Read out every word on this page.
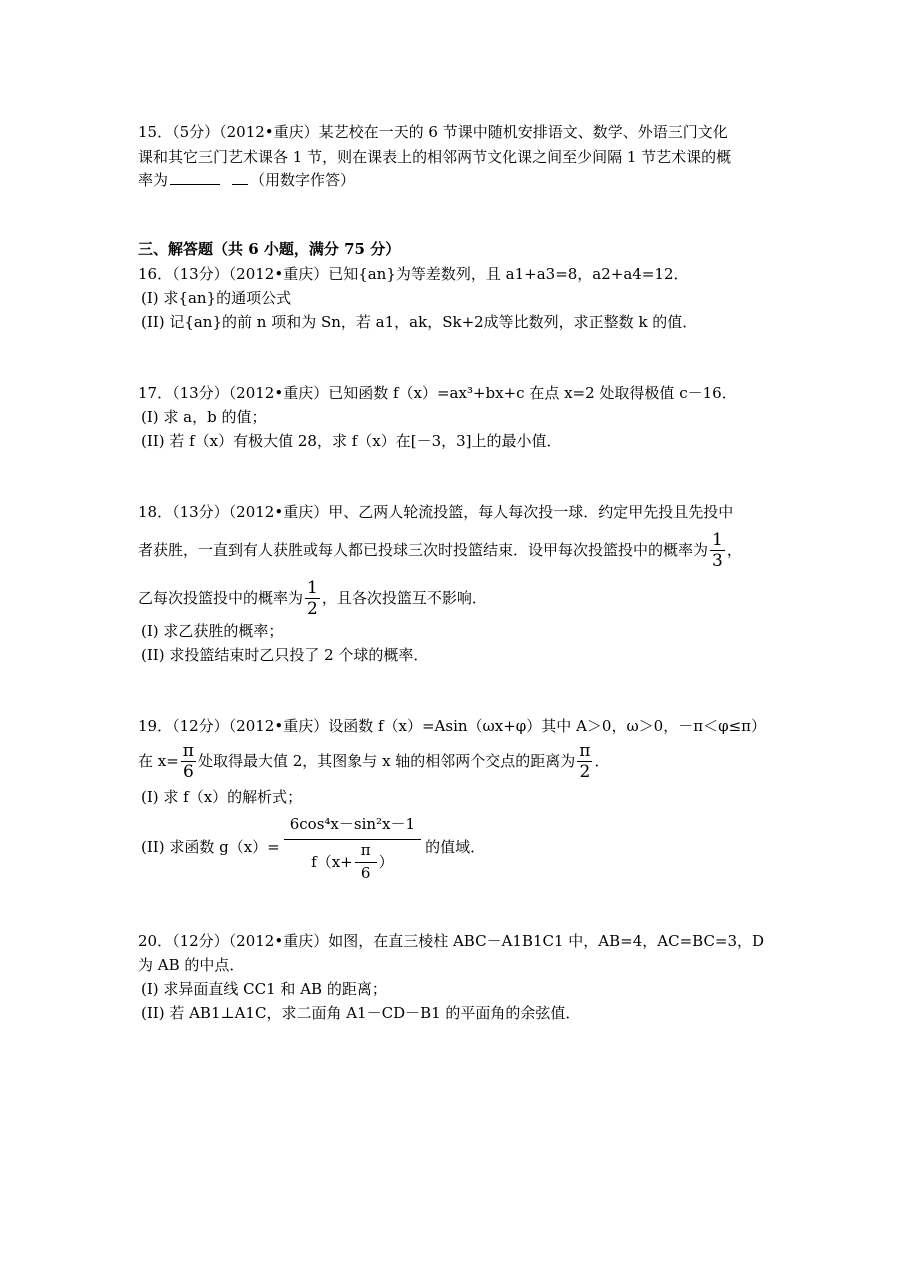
15．（5分）（2012•重庆）某艺校在一天的 6 节课中随机安排语文、数学、外语三门文化
课和其它三门艺术课各 1 节，则在课表上的相邻两节文化课之间至少间隔 1 节艺术课的概
率为	（用数字作答）
三、解答题（共 6 小题，满分 75 分）
16．（13分）（2012•重庆）已知{an}为等差数列，且 a1+a3=8，a2+a4=12．
(I) 求{an}的通项公式
(II) 记{an}的前 n 项和为 Sn，若 a1，ak，Sk+2成等比数列，求正整数 k 的值．
17．（13分）（2012•重庆）已知函数 f（x）=ax³+bx+c 在点 x=2 处取得极值 c－16．
(I) 求 a，b 的值；
(II) 若 f（x）有极大值 28，求 f（x）在[－3，3]上的最小值．
18．（13分）（2012•重庆）甲、乙两人轮流投篮，每人每次投一球．约定甲先投且先投中
者获胜，一直到有人获胜或每人都已投球三次时投篮结束．设甲每次投篮投中的概率为 $\frac{1}{3}$ ，
乙每次投篮投中的概率为 $\frac{1}{2}$ ，且各次投篮互不影响．
(I) 求乙获胜的概率；
(II) 求投篮结束时乙只投了 2 个球的概率．
19．（12分）（2012•重庆）设函数 f（x）=Asin（ωx+φ）其中 A＞0，ω＞0，－π＜φ≤π）
在 $x= \frac{\pi}{6}$ 处取得最大值 2，其图象与 x 轴的相邻两个交点的距离为 $\frac{\pi}{2}$ ．
(I) 求 f（x）的解析式；
(II) 求函数 $g(x)= \frac{\text{6cos⁴x－sin²x－1}}{f(x+ \frac{\pi}{6} )}$ 的值域．
20．（12分）（2012•重庆）如图，在直三棱柱 ABC－A1B1C1 中，AB=4，AC=BC=3，D
为 AB 的中点．
(I) 求异面直线 CC1 和 AB 的距离；
(II) 若 AB1⊥A1C，求二面角 A1－CD－B1 的平面角的余弦值．
